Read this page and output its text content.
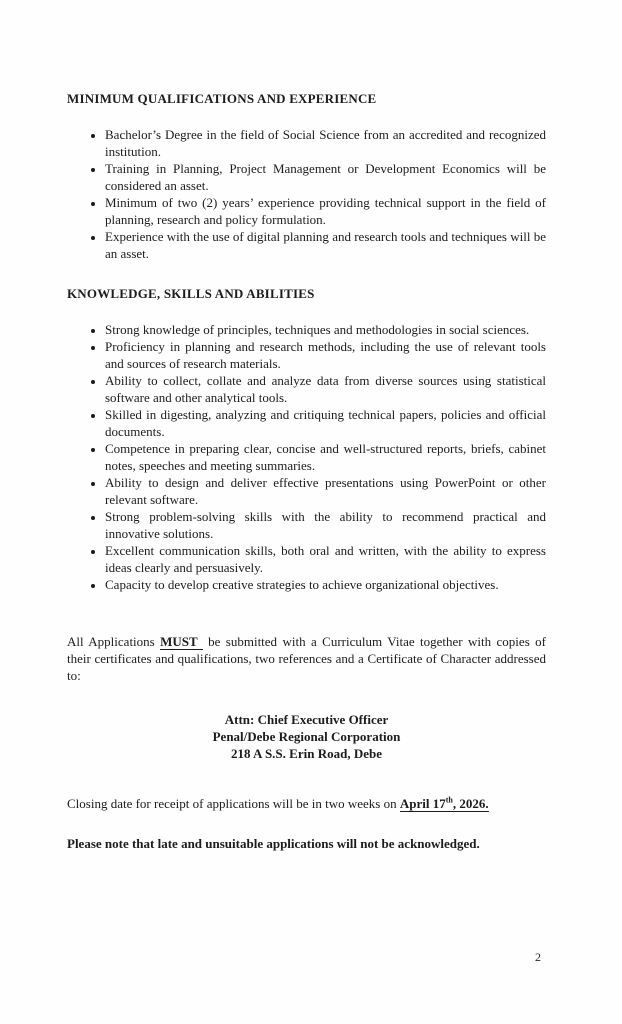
MINIMUM QUALIFICATIONS AND EXPERIENCE
• Bachelor’s Degree in the field of Social Science from an accredited and recognized institution.
• Training in Planning, Project Management or Development Economics will be considered an asset.
• Minimum of two (2) years’ experience providing technical support in the field of planning, research and policy formulation.
• Experience with the use of digital planning and research tools and techniques will be an asset.
KNOWLEDGE, SKILLS AND ABILITIES
• Strong knowledge of principles, techniques and methodologies in social sciences.
• Proficiency in planning and research methods, including the use of relevant tools and sources of research materials.
• Ability to collect, collate and analyze data from diverse sources using statistical software and other analytical tools.
• Skilled in digesting, analyzing and critiquing technical papers, policies and official documents.
• Competence in preparing clear, concise and well-structured reports, briefs, cabinet notes, speeches and meeting summaries.
• Ability to design and deliver effective presentations using PowerPoint or other relevant software.
• Strong problem-solving skills with the ability to recommend practical and innovative solutions.
• Excellent communication skills, both oral and written, with the ability to express ideas clearly and persuasively.
• Capacity to develop creative strategies to achieve organizational objectives.

All Applications MUST be submitted with a Curriculum Vitae together with copies of their certificates and qualifications, two references and a Certificate of Character addressed to:

Attn: Chief Executive Officer
Penal/Debe Regional Corporation
218 A S.S. Erin Road, Debe

Closing date for receipt of applications will be in two weeks on April 17th, 2026.

Please note that late and unsuitable applications will not be acknowledged.

2
